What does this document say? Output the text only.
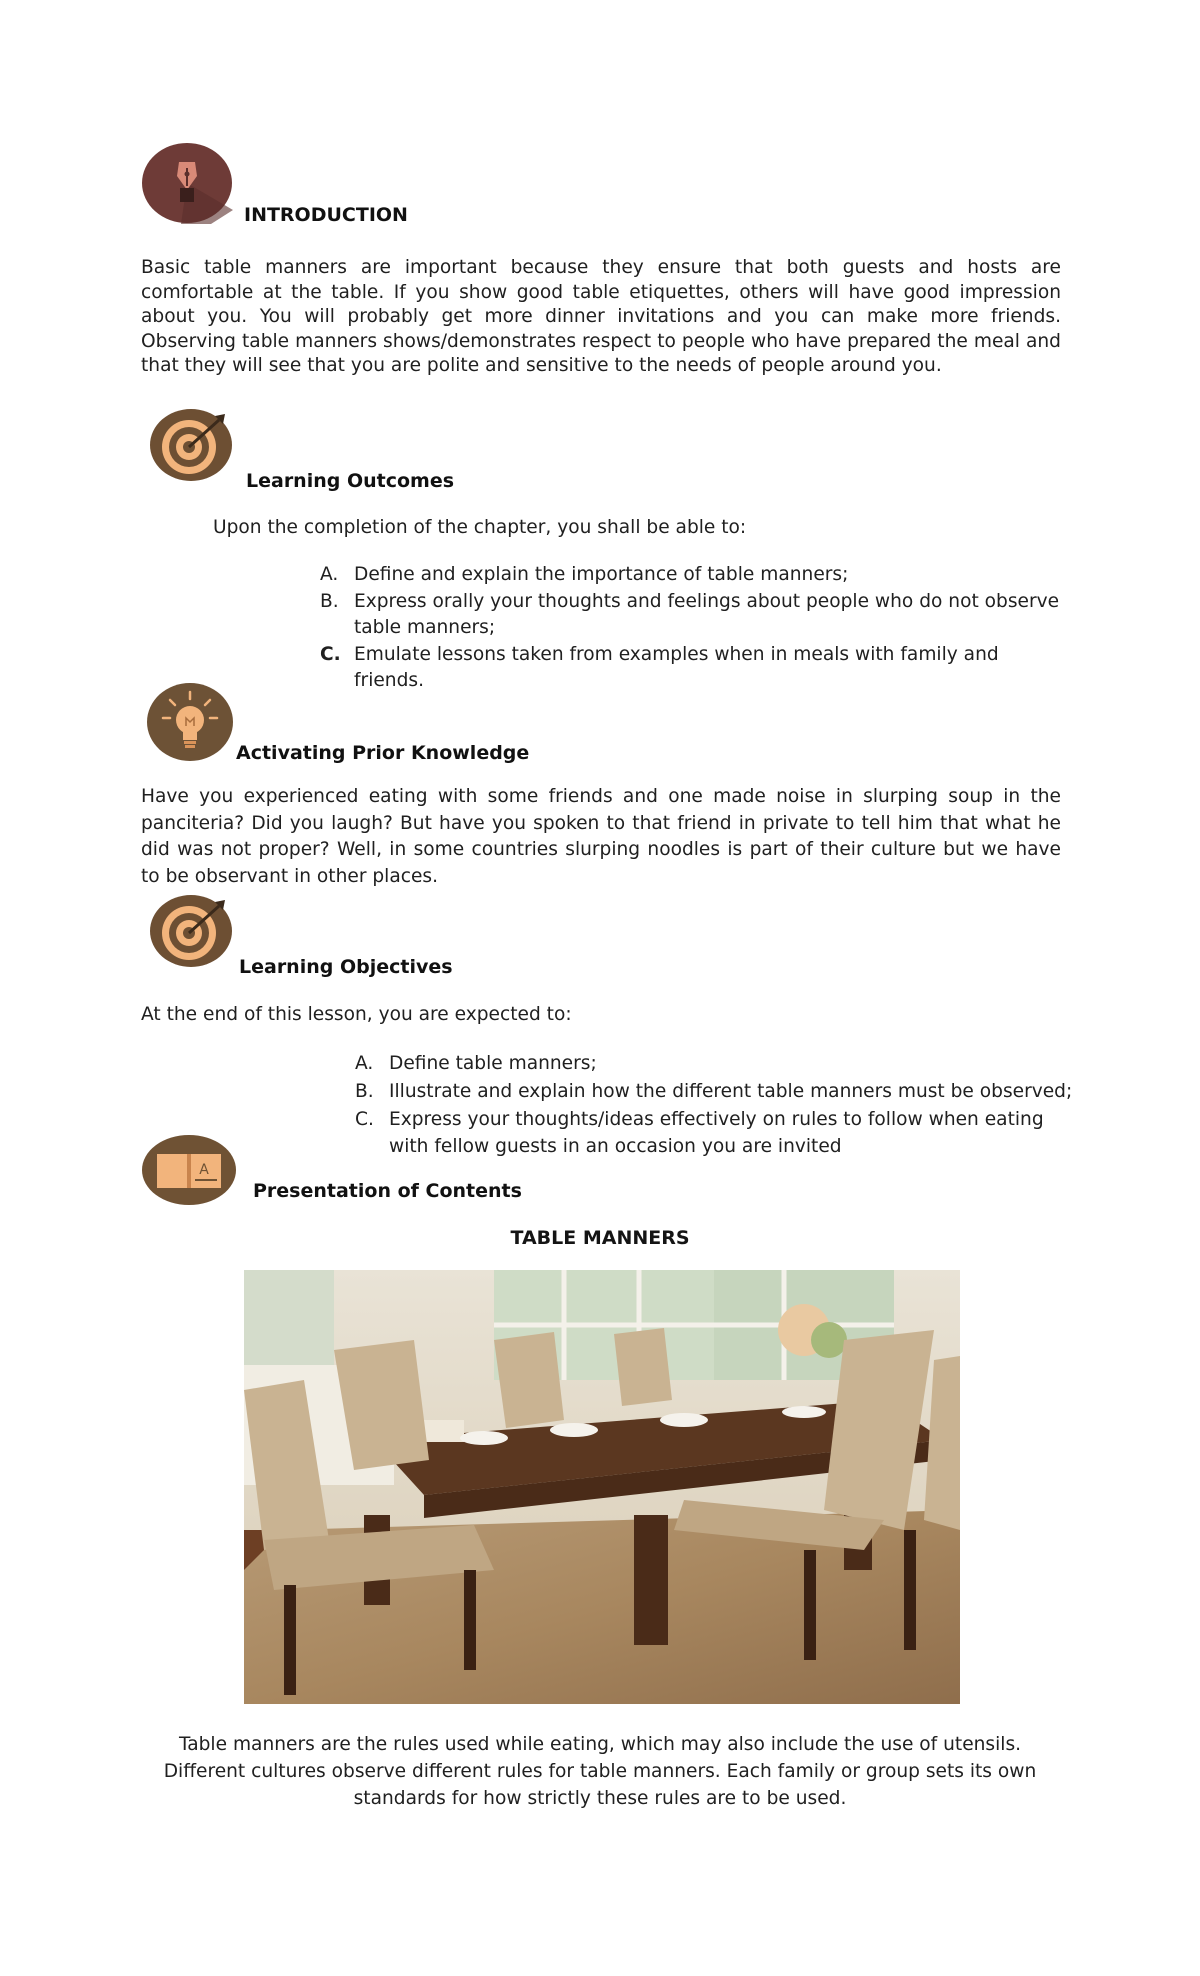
INTRODUCTION
Basic table manners are important because they ensure that both guests and hosts are comfortable at the table. If you show good table etiquettes, others will have good impression about you. You will probably get more dinner invitations and you can make more friends. Observing table manners shows/demonstrates respect to people who have prepared the meal and that they will see that you are polite and sensitive to the needs of people around you.
Learning Outcomes
Upon the completion of the chapter, you shall be able to:
A. Define and explain the importance of table manners;
B. Express orally your thoughts and feelings about people who do not observe table manners;
C. Emulate lessons taken from examples when in meals with family and friends.
Activating Prior Knowledge
Have you experienced eating with some friends and one made noise in slurping soup in the panciteria? Did you laugh? But have you spoken to that friend in private to tell him that what he did was not proper? Well, in some countries slurping noodles is part of their culture but we have to be observant in other places.
Learning Objectives
At the end of this lesson, you are expected to:
A. Define table manners;
B. Illustrate and explain how the different table manners must be observed;
C. Express your thoughts/ideas effectively on rules to follow when eating with fellow guests in an occasion you are invited
A
Presentation of Contents
TABLE MANNERS
Table manners are the rules used while eating, which may also include the use of utensils. Different cultures observe different rules for table manners. Each family or group sets its own standards for how strictly these rules are to be used.
